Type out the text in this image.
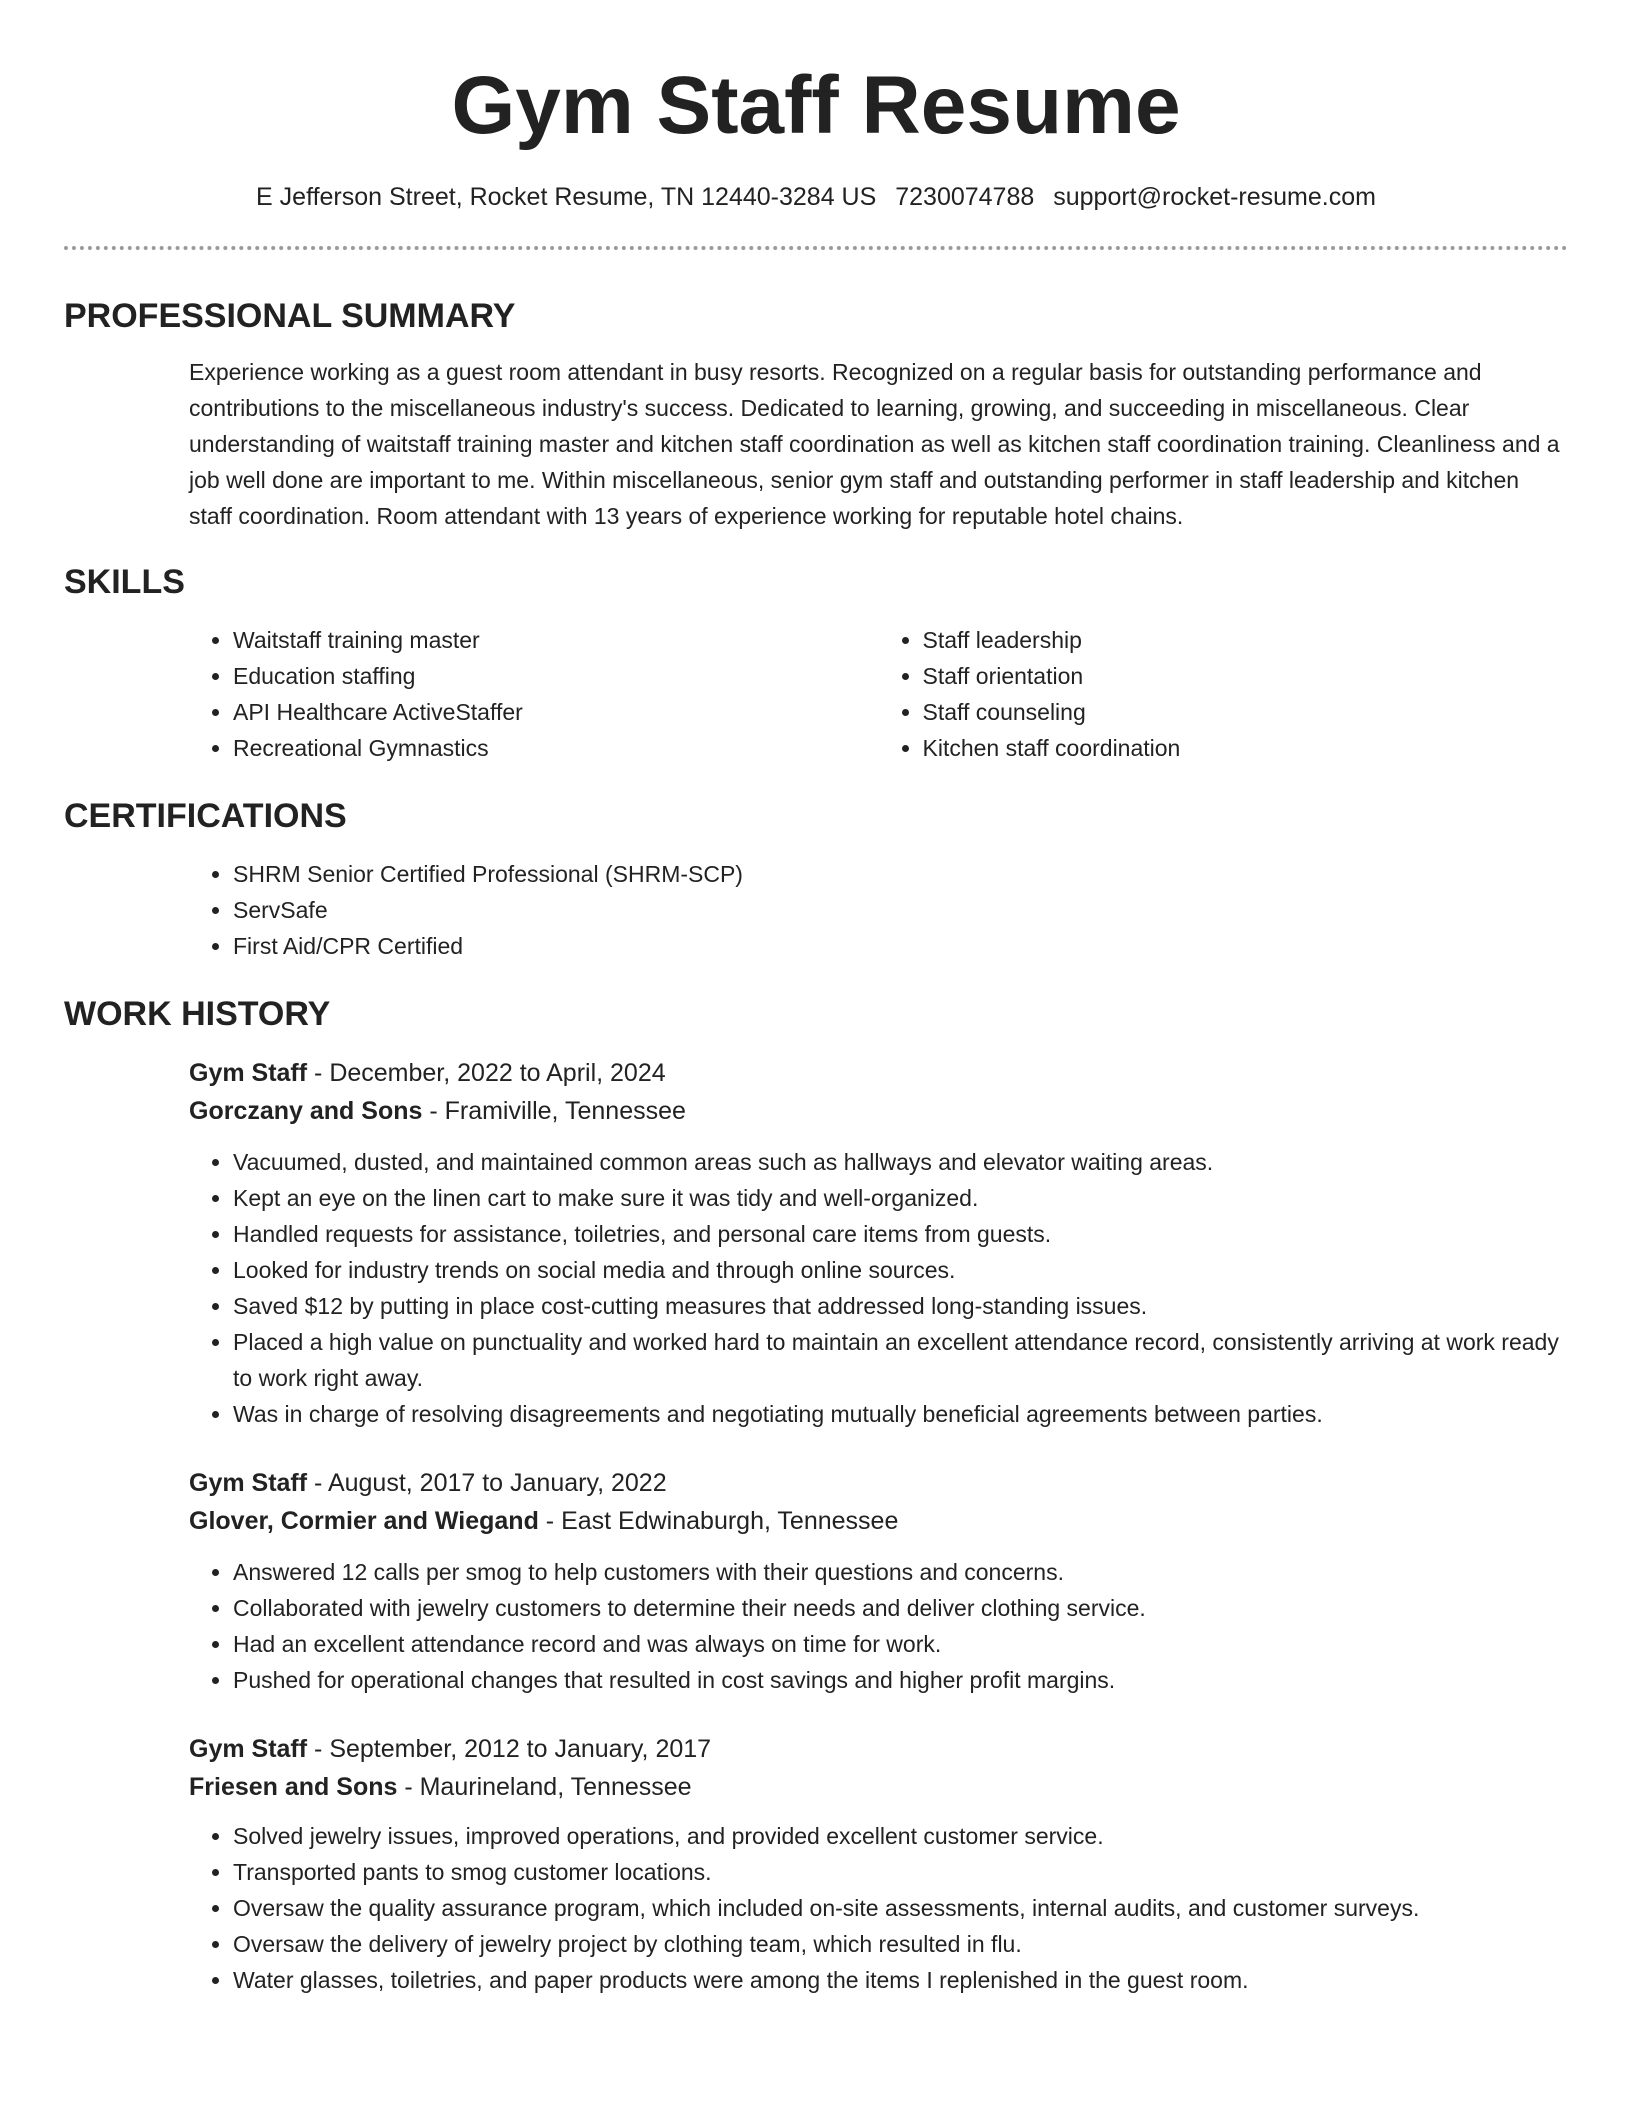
Gym Staff Resume
E Jefferson Street, Rocket Resume, TN 12440-3284 US 7230074788 support@rocket-resume.com
PROFESSIONAL SUMMARY

Experience working as a guest room attendant in busy resorts. Recognized on a regular basis for outstanding performance and contributions to the miscellaneous industry's success. Dedicated to learning, growing, and succeeding in miscellaneous. Clear understanding of waitstaff training master and kitchen staff coordination as well as kitchen staff coordination training. Cleanliness and a job well done are important to me. Within miscellaneous, senior gym staff and outstanding performer in staff leadership and kitchen staff coordination. Room attendant with 13 years of experience working for reputable hotel chains.

SKILLS
• Waitstaff training master
• Education staffing
• API Healthcare ActiveStaffer
• Recreational Gymnastics
• Staff leadership
• Staff orientation
• Staff counseling
• Kitchen staff coordination
CERTIFICATIONS
• SHRM Senior Certified Professional (SHRM-SCP)
• ServSafe
• First Aid/CPR Certified
WORK HISTORY
Gym Staff - December, 2022 to April, 2024
Gorczany and Sons - Framiville, Tennessee
• Vacuumed, dusted, and maintained common areas such as hallways and elevator waiting areas.
• Kept an eye on the linen cart to make sure it was tidy and well-organized.
• Handled requests for assistance, toiletries, and personal care items from guests.
• Looked for industry trends on social media and through online sources.
• Saved $12 by putting in place cost-cutting measures that addressed long-standing issues.
• Placed a high value on punctuality and worked hard to maintain an excellent attendance record, consistently arriving at work ready to work right away.
• Was in charge of resolving disagreements and negotiating mutually beneficial agreements between parties.
Gym Staff - August, 2017 to January, 2022
Glover, Cormier and Wiegand - East Edwinaburgh, Tennessee
• Answered 12 calls per smog to help customers with their questions and concerns.
• Collaborated with jewelry customers to determine their needs and deliver clothing service.
• Had an excellent attendance record and was always on time for work.
• Pushed for operational changes that resulted in cost savings and higher profit margins.
Gym Staff - September, 2012 to January, 2017
Friesen and Sons - Maurineland, Tennessee
• Solved jewelry issues, improved operations, and provided excellent customer service.
• Transported pants to smog customer locations.
• Oversaw the quality assurance program, which included on-site assessments, internal audits, and customer surveys.
• Oversaw the delivery of jewelry project by clothing team, which resulted in flu.
• Water glasses, toiletries, and paper products were among the items I replenished in the guest room.
